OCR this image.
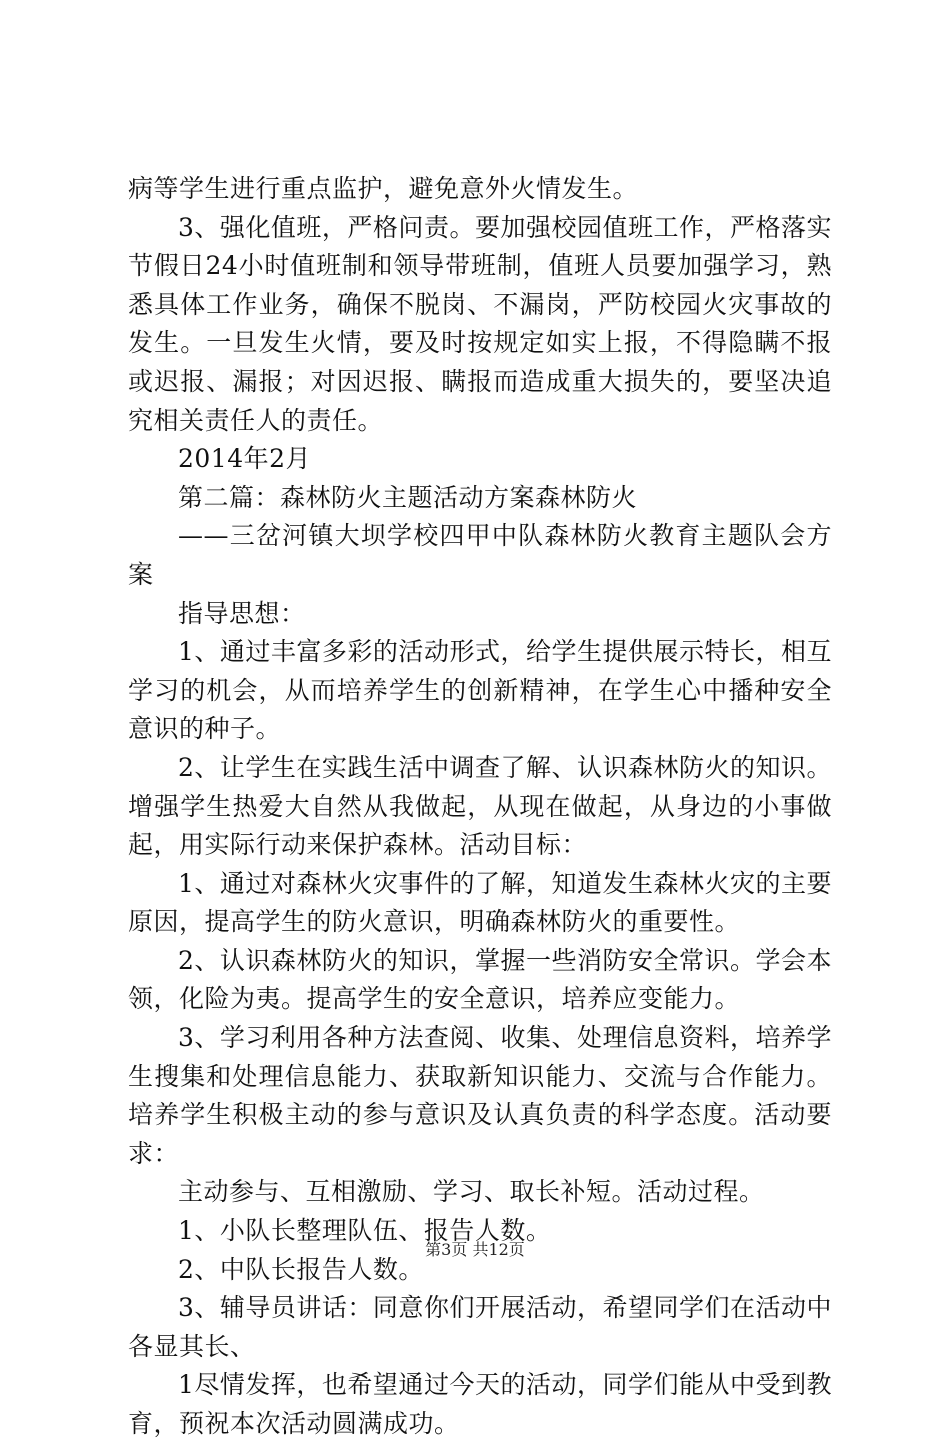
病等学生进行重点监护，避免意外火情发生。

3、强化值班，严格问责。要加强校园值班工作，严格落实节假日24小时值班制和领导带班制，值班人员要加强学习，熟悉具体工作业务，确保不脱岗、不漏岗，严防校园火灾事故的发生。一旦发生火情，要及时按规定如实上报，不得隐瞒不报或迟报、漏报；对因迟报、瞒报而造成重大损失的，要坚决追究相关责任人的责任。

2014年2月

第二篇：森林防火主题活动方案森林防火

——三岔河镇大坝学校四甲中队森林防火教育主题队会方案

指导思想：

1、通过丰富多彩的活动形式，给学生提供展示特长，相互学习的机会，从而培养学生的创新精神，在学生心中播种安全意识的种子。

2、让学生在实践生活中调查了解、认识森林防火的知识。增强学生热爱大自然从我做起，从现在做起，从身边的小事做起，用实际行动来保护森林。活动目标：

1、通过对森林火灾事件的了解，知道发生森林火灾的主要原因，提高学生的防火意识，明确森林防火的重要性。

2、认识森林防火的知识，掌握一些消防安全常识。学会本领，化险为夷。提高学生的安全意识，培养应变能力。

3、学习利用各种方法查阅、收集、处理信息资料，培养学生搜集和处理信息能力、获取新知识能力、交流与合作能力。培养学生积极主动的参与意识及认真负责的科学态度。活动要求：

主动参与、互相激励、学习、取长补短。活动过程。

1、小队长整理队伍、报告人数。

2、中队长报告人数。

3、辅导员讲话：同意你们开展活动，希望同学们在活动中各显其长、

1尽情发挥，也希望通过今天的活动，同学们能从中受到教育，预祝本次活动圆满成功。

第3页 共12页
